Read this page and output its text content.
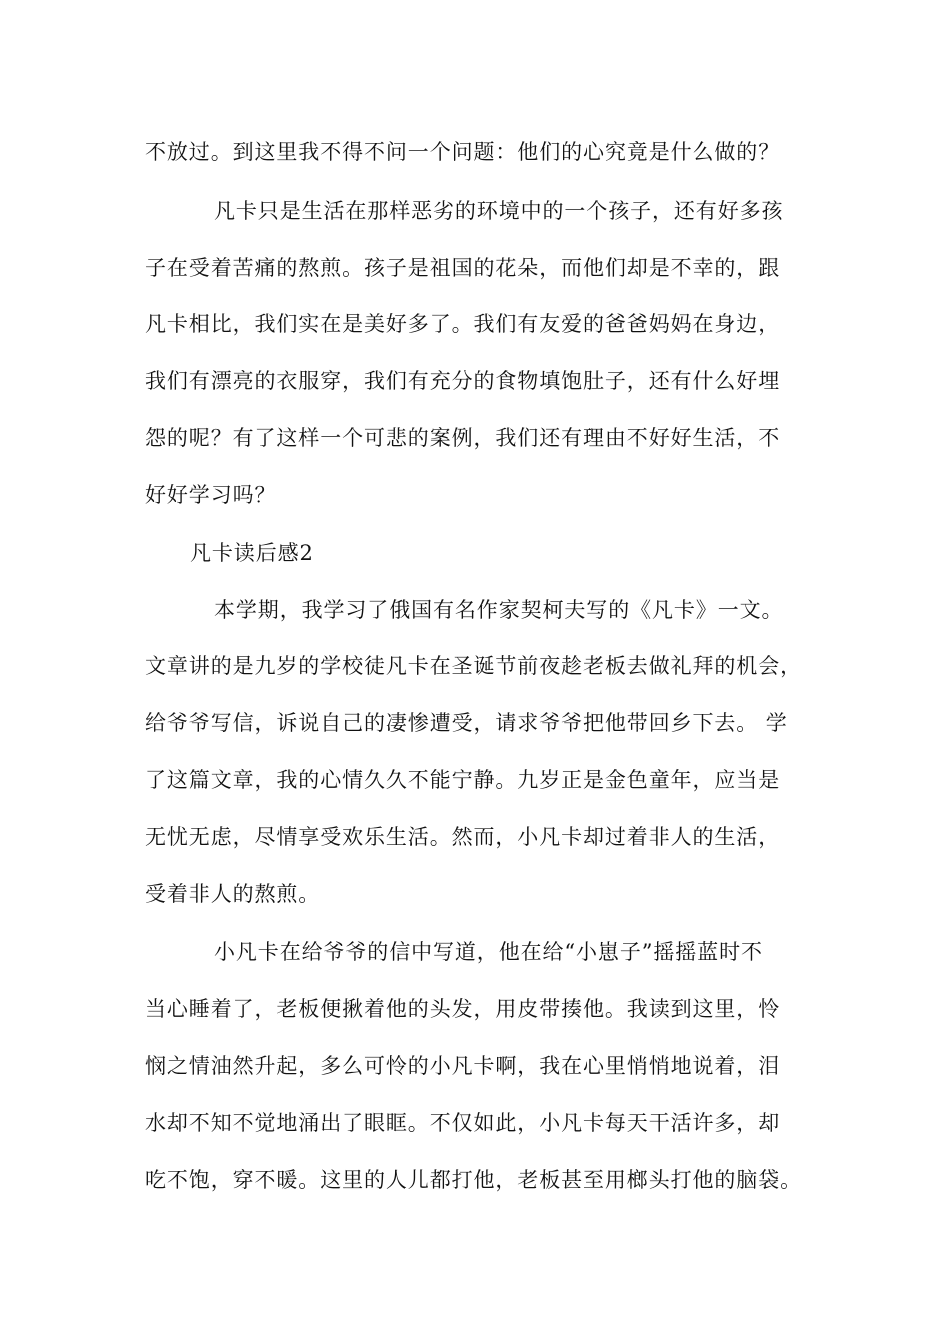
不放过。到这里我不得不问一个问题：他们的心究竟是什么做的？
凡卡只是生活在那样恶劣的环境中的一个孩子，还有好多孩
子在受着苦痛的熬煎。孩子是祖国的花朵，而他们却是不幸的，跟
凡卡相比，我们实在是美好多了。我们有友爱的爸爸妈妈在身边，
我们有漂亮的衣服穿，我们有充分的食物填饱肚子，还有什么好埋
怨的呢？有了这样一个可悲的案例，我们还有理由不好好生活，不
好好学习吗？
凡卡读后感2
本学期，我学习了俄国有名作家契柯夫写的《凡卡》一文。
文章讲的是九岁的学校徒凡卡在圣诞节前夜趁老板去做礼拜的机会，
给爷爷写信，诉说自己的凄惨遭受，请求爷爷把他带回乡下去。 学
了这篇文章，我的心情久久不能宁静。九岁正是金色童年，应当是
无忧无虑，尽情享受欢乐生活。然而，小凡卡却过着非人的生活，
受着非人的熬煎。
小凡卡在给爷爷的信中写道，他在给“小崽子”摇摇蓝时不
当心睡着了，老板便揪着他的头发，用皮带揍他。我读到这里，怜
悯之情油然升起，多么可怜的小凡卡啊，我在心里悄悄地说着，泪
水却不知不觉地涌出了眼眶。不仅如此，小凡卡每天干活许多，却
吃不饱，穿不暖。这里的人儿都打他，老板甚至用榔头打他的脑袋。
